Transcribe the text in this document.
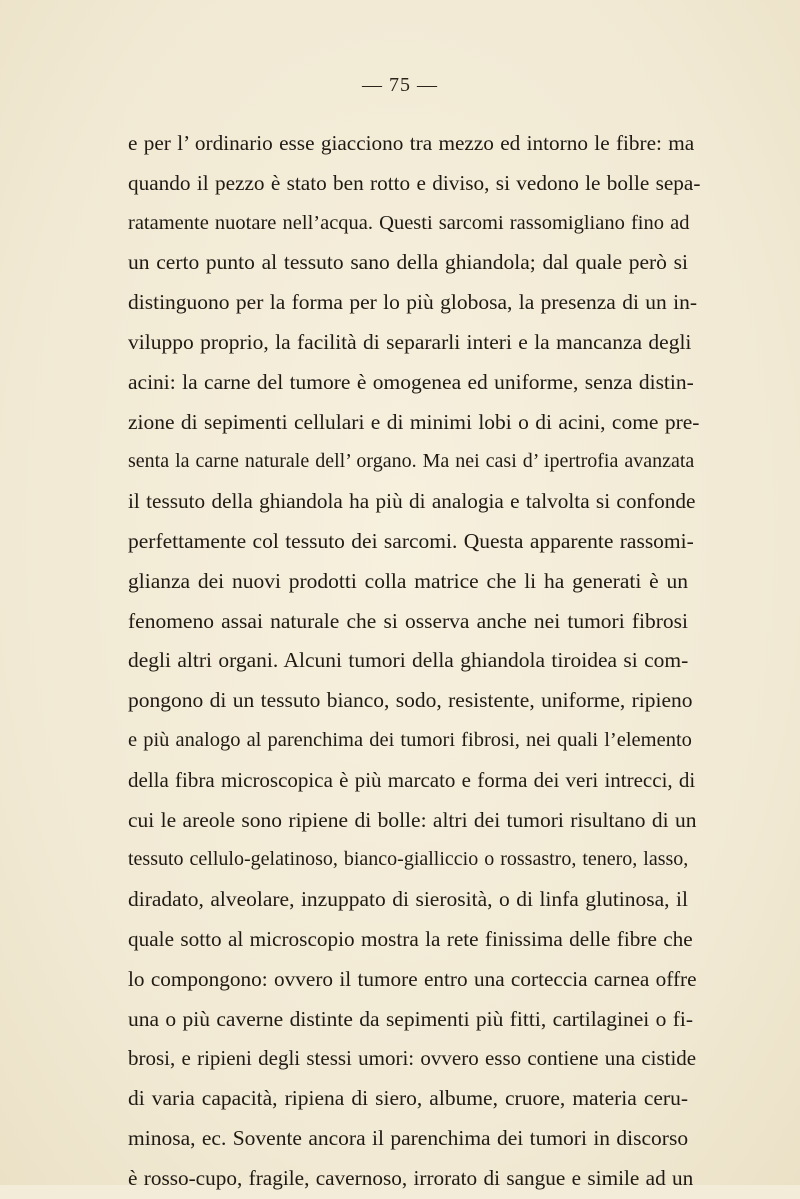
— 75 —
e per l’ ordinario esse giacciono tra mezzo ed intorno le fibre: ma
quando il pezzo è stato ben rotto e diviso, si vedono le bolle sepa-
ratamente nuotare nell’acqua. Questi sarcomi rassomigliano fino ad
un certo punto al tessuto sano della ghiandola; dal quale però si
distinguono per la forma per lo più globosa, la presenza di un in-
viluppo proprio, la facilità di separarli interi e la mancanza degli
acini: la carne del tumore è omogenea ed uniforme, senza distin-
zione di sepimenti cellulari e di minimi lobi o di acini, come pre-
senta la carne naturale dell’ organo. Ma nei casi d’ ipertrofia avanzata
il tessuto della ghiandola ha più di analogia e talvolta si confonde
perfettamente col tessuto dei sarcomi. Questa apparente rassomi-
glianza dei nuovi prodotti colla matrice che li ha generati è un
fenomeno assai naturale che si osserva anche nei tumori fibrosi
degli altri organi. Alcuni tumori della ghiandola tiroidea si com-
pongono di un tessuto bianco, sodo, resistente, uniforme, ripieno
e più analogo al parenchima dei tumori fibrosi, nei quali l’elemento
della fibra microscopica è più marcato e forma dei veri intrecci, di
cui le areole sono ripiene di bolle: altri dei tumori risultano di un
tessuto cellulo-gelatinoso, bianco-gialliccio o rossastro, tenero, lasso,
diradato, alveolare, inzuppato di sierosità, o di linfa glutinosa, il
quale sotto al microscopio mostra la rete finissima delle fibre che
lo compongono: ovvero il tumore entro una corteccia carnea offre
una o più caverne distinte da sepimenti più fitti, cartilaginei o fi-
brosi, e ripieni degli stessi umori: ovvero esso contiene una cistide
di varia capacità, ripiena di siero, albume, cruore, materia ceru-
minosa, ec. Sovente ancora il parenchima dei tumori in discorso
è rosso-cupo, fragile, cavernoso, irrorato di sangue e simile ad un
